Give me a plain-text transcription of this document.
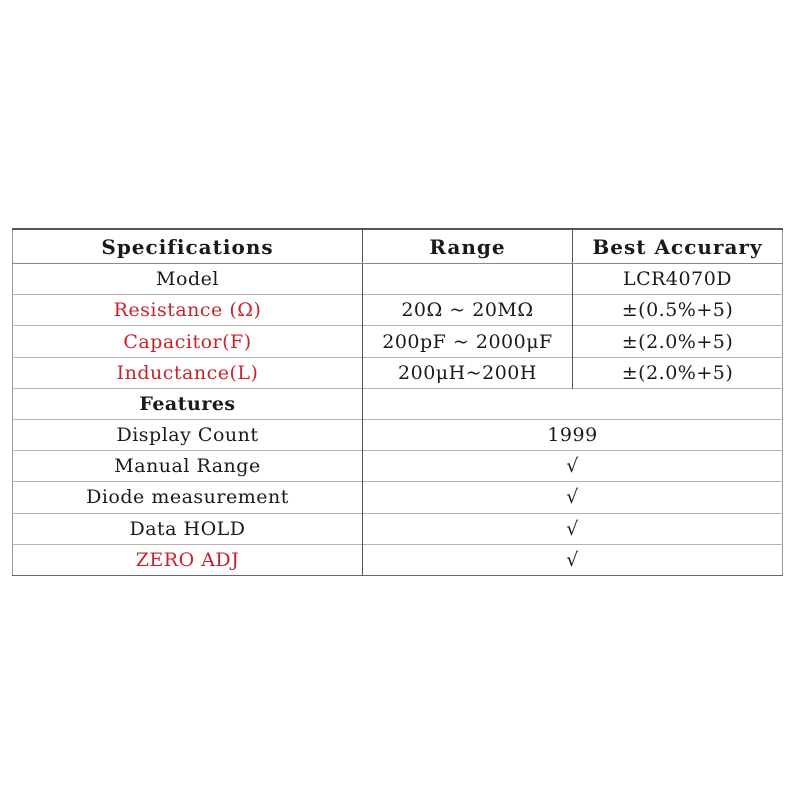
Specifications	Range	Best Accurary
Model		LCR4070D
Resistance (Ω)	20Ω ~ 20MΩ	±(0.5%+5)
Capacitor(F)	200pF ~ 2000μF	±(2.0%+5)
Inductance(L)	200μH~200H	±(2.0%+5)
Features		
Display Count	1999	
Manual Range	√	
Diode measurement	√	
Data HOLD	√	
ZERO ADJ	√	
